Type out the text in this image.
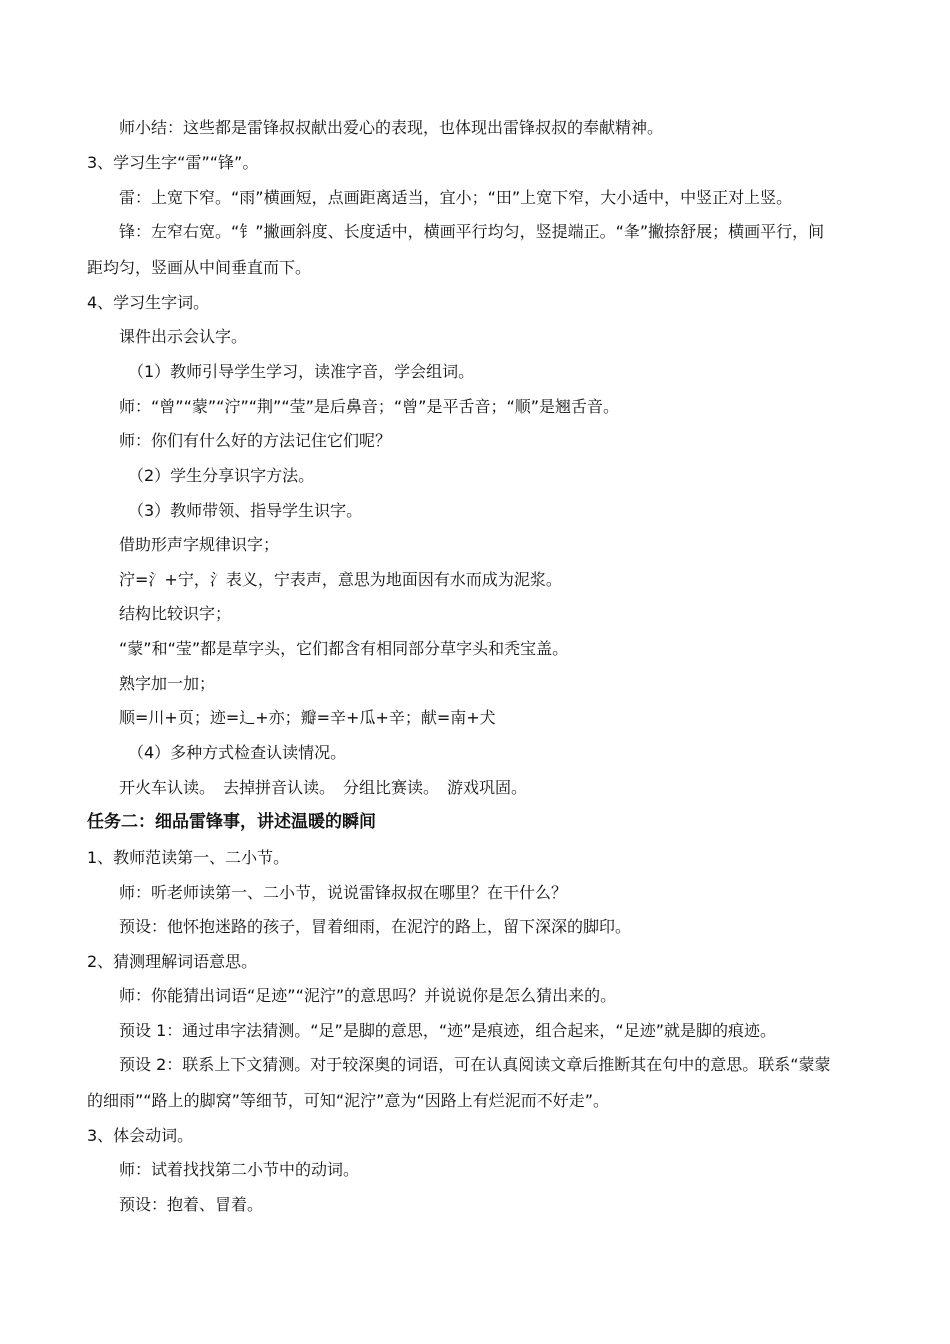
师小结：这些都是雷锋叔叔献出爱心的表现，也体现出雷锋叔叔的奉献精神。
3、学习生字“雷”“锋”。
雷：上宽下窄。“雨”横画短，点画距离适当，宜小；“田”上宽下窄，大小适中，中竖正对上竖。
锋：左窄右宽。“钅”撇画斜度、长度适中，横画平行均匀，竖提端正。“夆”撇捺舒展；横画平行，间
距均匀，竖画从中间垂直而下。
4、学习生字词。
课件出示会认字。
（1）教师引导学生学习，读准字音，学会组词。
师：“曾”“蒙”“泞”“荆”“莹”是后鼻音；“曾”是平舌音；“顺”是翘舌音。
师：你们有什么好的方法记住它们呢？
（2）学生分享识字方法。
（3）教师带领、指导学生识字。
借助形声字规律识字；
泞=氵+宁，氵表义，宁表声，意思为地面因有水而成为泥浆。
结构比较识字；
“蒙”和“莹”都是草字头，它们都含有相同部分草字头和秃宝盖。
熟字加一加；
顺=川+页；迹=辶+亦；瓣=辛+瓜+辛；献=南+犬
（4）多种方式检查认读情况。
开火车认读。　去掉拼音认读。　分组比赛读。　游戏巩固。
任务二：细品雷锋事，讲述温暖的瞬间
1、教师范读第一、二小节。
师：听老师读第一、二小节，说说雷锋叔叔在哪里？在干什么？
预设：他怀抱迷路的孩子，冒着细雨，在泥泞的路上，留下深深的脚印。
2、猜测理解词语意思。
师：你能猜出词语“足迹”“泥泞”的意思吗？并说说你是怎么猜出来的。
预设 1：通过串字法猜测。“足”是脚的意思，“迹”是痕迹，组合起来，“足迹”就是脚的痕迹。
预设 2：联系上下文猜测。对于较深奥的词语，可在认真阅读文章后推断其在句中的意思。联系“蒙蒙
的细雨”“路上的脚窝”等细节，可知“泥泞”意为“因路上有烂泥而不好走”。
3、体会动词。
师：试着找找第二小节中的动词。
预设：抱着、冒着。
